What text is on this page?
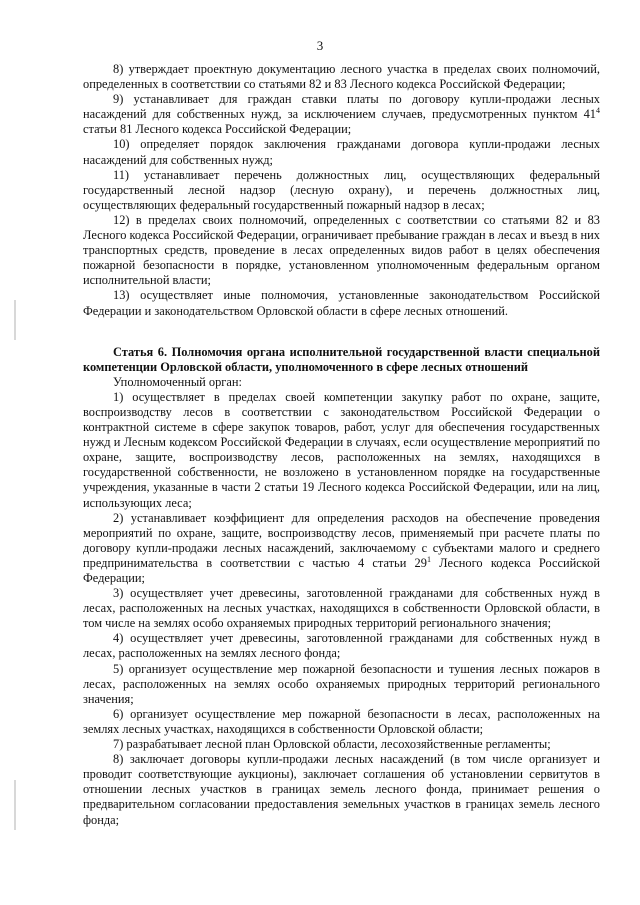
3

8) утверждает проектную документацию лесного участка в пределах своих полномочий, определенных в соответствии со статьями 82 и 83 Лесного кодекса Российской Федерации;

9) устанавливает для граждан ставки платы по договору купли-продажи лесных насаждений для собственных нужд, за исключением случаев, предусмотренных пунктом $41^4$ статьи 81 Лесного кодекса Российской Федерации;

10) определяет порядок заключения гражданами договора купли-продажи лесных насаждений для собственных нужд;

11) устанавливает перечень должностных лиц, осуществляющих федеральный государственный лесной надзор (лесную охрану), и перечень должностных лиц, осуществляющих федеральный государственный пожарный надзор в лесах;

12) в пределах своих полномочий, определенных с соответствии со статьями 82 и 83 Лесного кодекса Российской Федерации, ограничивает пребывание граждан в лесах и въезд в них транспортных средств, проведение в лесах определенных видов работ в целях обеспечения пожарной безопасности в порядке, установленном уполномоченным федеральным органом исполнительной власти;

13) осуществляет иные полномочия, установленные законодательством Российской Федерации и законодательством Орловской области в сфере лесных отношений.

Статья 6. Полномочия органа исполнительной государственной власти специальной компетенции Орловской области, уполномоченного в сфере лесных отношений

Уполномоченный орган:

1) осуществляет в пределах своей компетенции закупку работ по охране, защите, воспроизводству лесов в соответствии с законодательством Российской Федерации о контрактной системе в сфере закупок товаров, работ, услуг для обеспечения государственных нужд и Лесным кодексом Российской Федерации в случаях, если осуществление мероприятий по охране, защите, воспроизводству лесов, расположенных на землях, находящихся в государственной собственности, не возложено в установленном порядке на государственные учреждения, указанные в части 2 статьи 19 Лесного кодекса Российской Федерации, или на лиц, использующих леса;

2) устанавливает коэффициент для определения расходов на обеспечение проведения мероприятий по охране, защите, воспроизводству лесов, применяемый при расчете платы по договору купли-продажи лесных насаждений, заключаемому с субъектами малого и среднего предпринимательства в соответствии с частью 4 статьи $29^1$ Лесного кодекса Российской Федерации;

3) осуществляет учет древесины, заготовленной гражданами для собственных нужд в лесах, расположенных на лесных участках, находящихся в собственности Орловской области, в том числе на землях особо охраняемых природных территорий регионального значения;

4) осуществляет учет древесины, заготовленной гражданами для собственных нужд в лесах, расположенных на землях лесного фонда;

5) организует осуществление мер пожарной безопасности и тушения лесных пожаров в лесах, расположенных на землях особо охраняемых природных территорий регионального значения;

6) организует осуществление мер пожарной безопасности в лесах, расположенных на землях лесных участках, находящихся в собственности Орловской области;

7) разрабатывает лесной план Орловской области, лесохозяйственные регламенты;

8) заключает договоры купли-продажи лесных насаждений (в том числе организует и проводит соответствующие аукционы), заключает соглашения об установлении сервитутов в отношении лесных участков в границах земель лесного фонда, принимает решения о предварительном согласовании предоставления земельных участков в границах земель лесного фонда;
